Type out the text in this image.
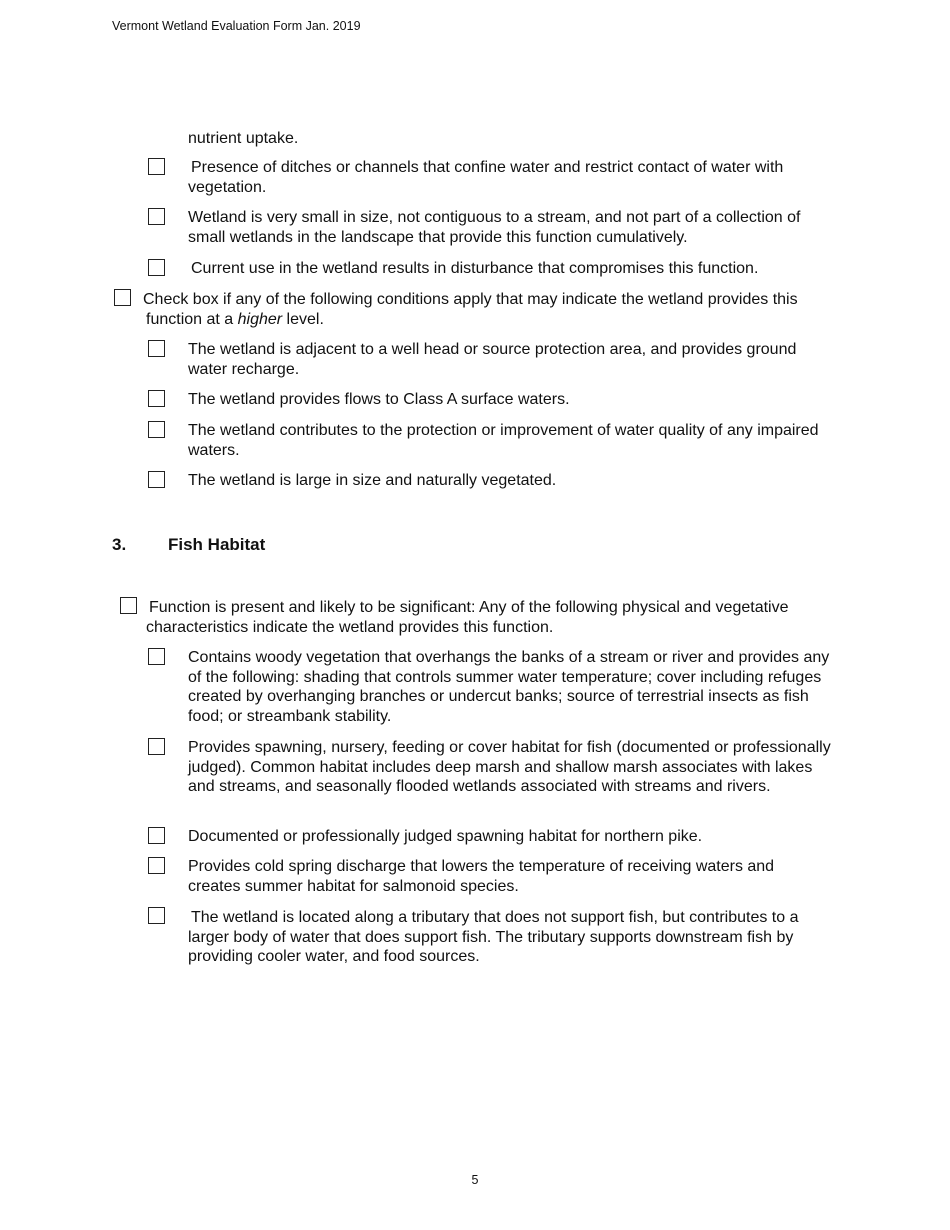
Vermont Wetland Evaluation Form Jan. 2019

nutrient uptake.

Presence of ditches or channels that confine water and restrict contact of water with vegetation.

Wetland is very small in size, not contiguous to a stream, and not part of a collection of small wetlands in the landscape that provide this function cumulatively.

Current use in the wetland results in disturbance that compromises this function.

Check box if any of the following conditions apply that may indicate the wetland provides this function at a higher level.

The wetland is adjacent to a well head or source protection area, and provides ground water recharge.

The wetland provides flows to Class A surface waters.

The wetland contributes to the protection or improvement of water quality of any impaired waters.

The wetland is large in size and naturally vegetated.

3. Fish Habitat

Function is present and likely to be significant: Any of the following physical and vegetative characteristics indicate the wetland provides this function.

Contains woody vegetation that overhangs the banks of a stream or river and provides any of the following: shading that controls summer water temperature; cover including refuges created by overhanging branches or undercut banks; source of terrestrial insects as fish food; or streambank stability.

Provides spawning, nursery, feeding or cover habitat for fish (documented or professionally judged). Common habitat includes deep marsh and shallow marsh associates with lakes and streams, and seasonally flooded wetlands associated with streams and rivers.

Documented or professionally judged spawning habitat for northern pike.

Provides cold spring discharge that lowers the temperature of receiving waters and creates summer habitat for salmonoid species.

The wetland is located along a tributary that does not support fish, but contributes to a larger body of water that does support fish. The tributary supports downstream fish by providing cooler water, and food sources.

5
